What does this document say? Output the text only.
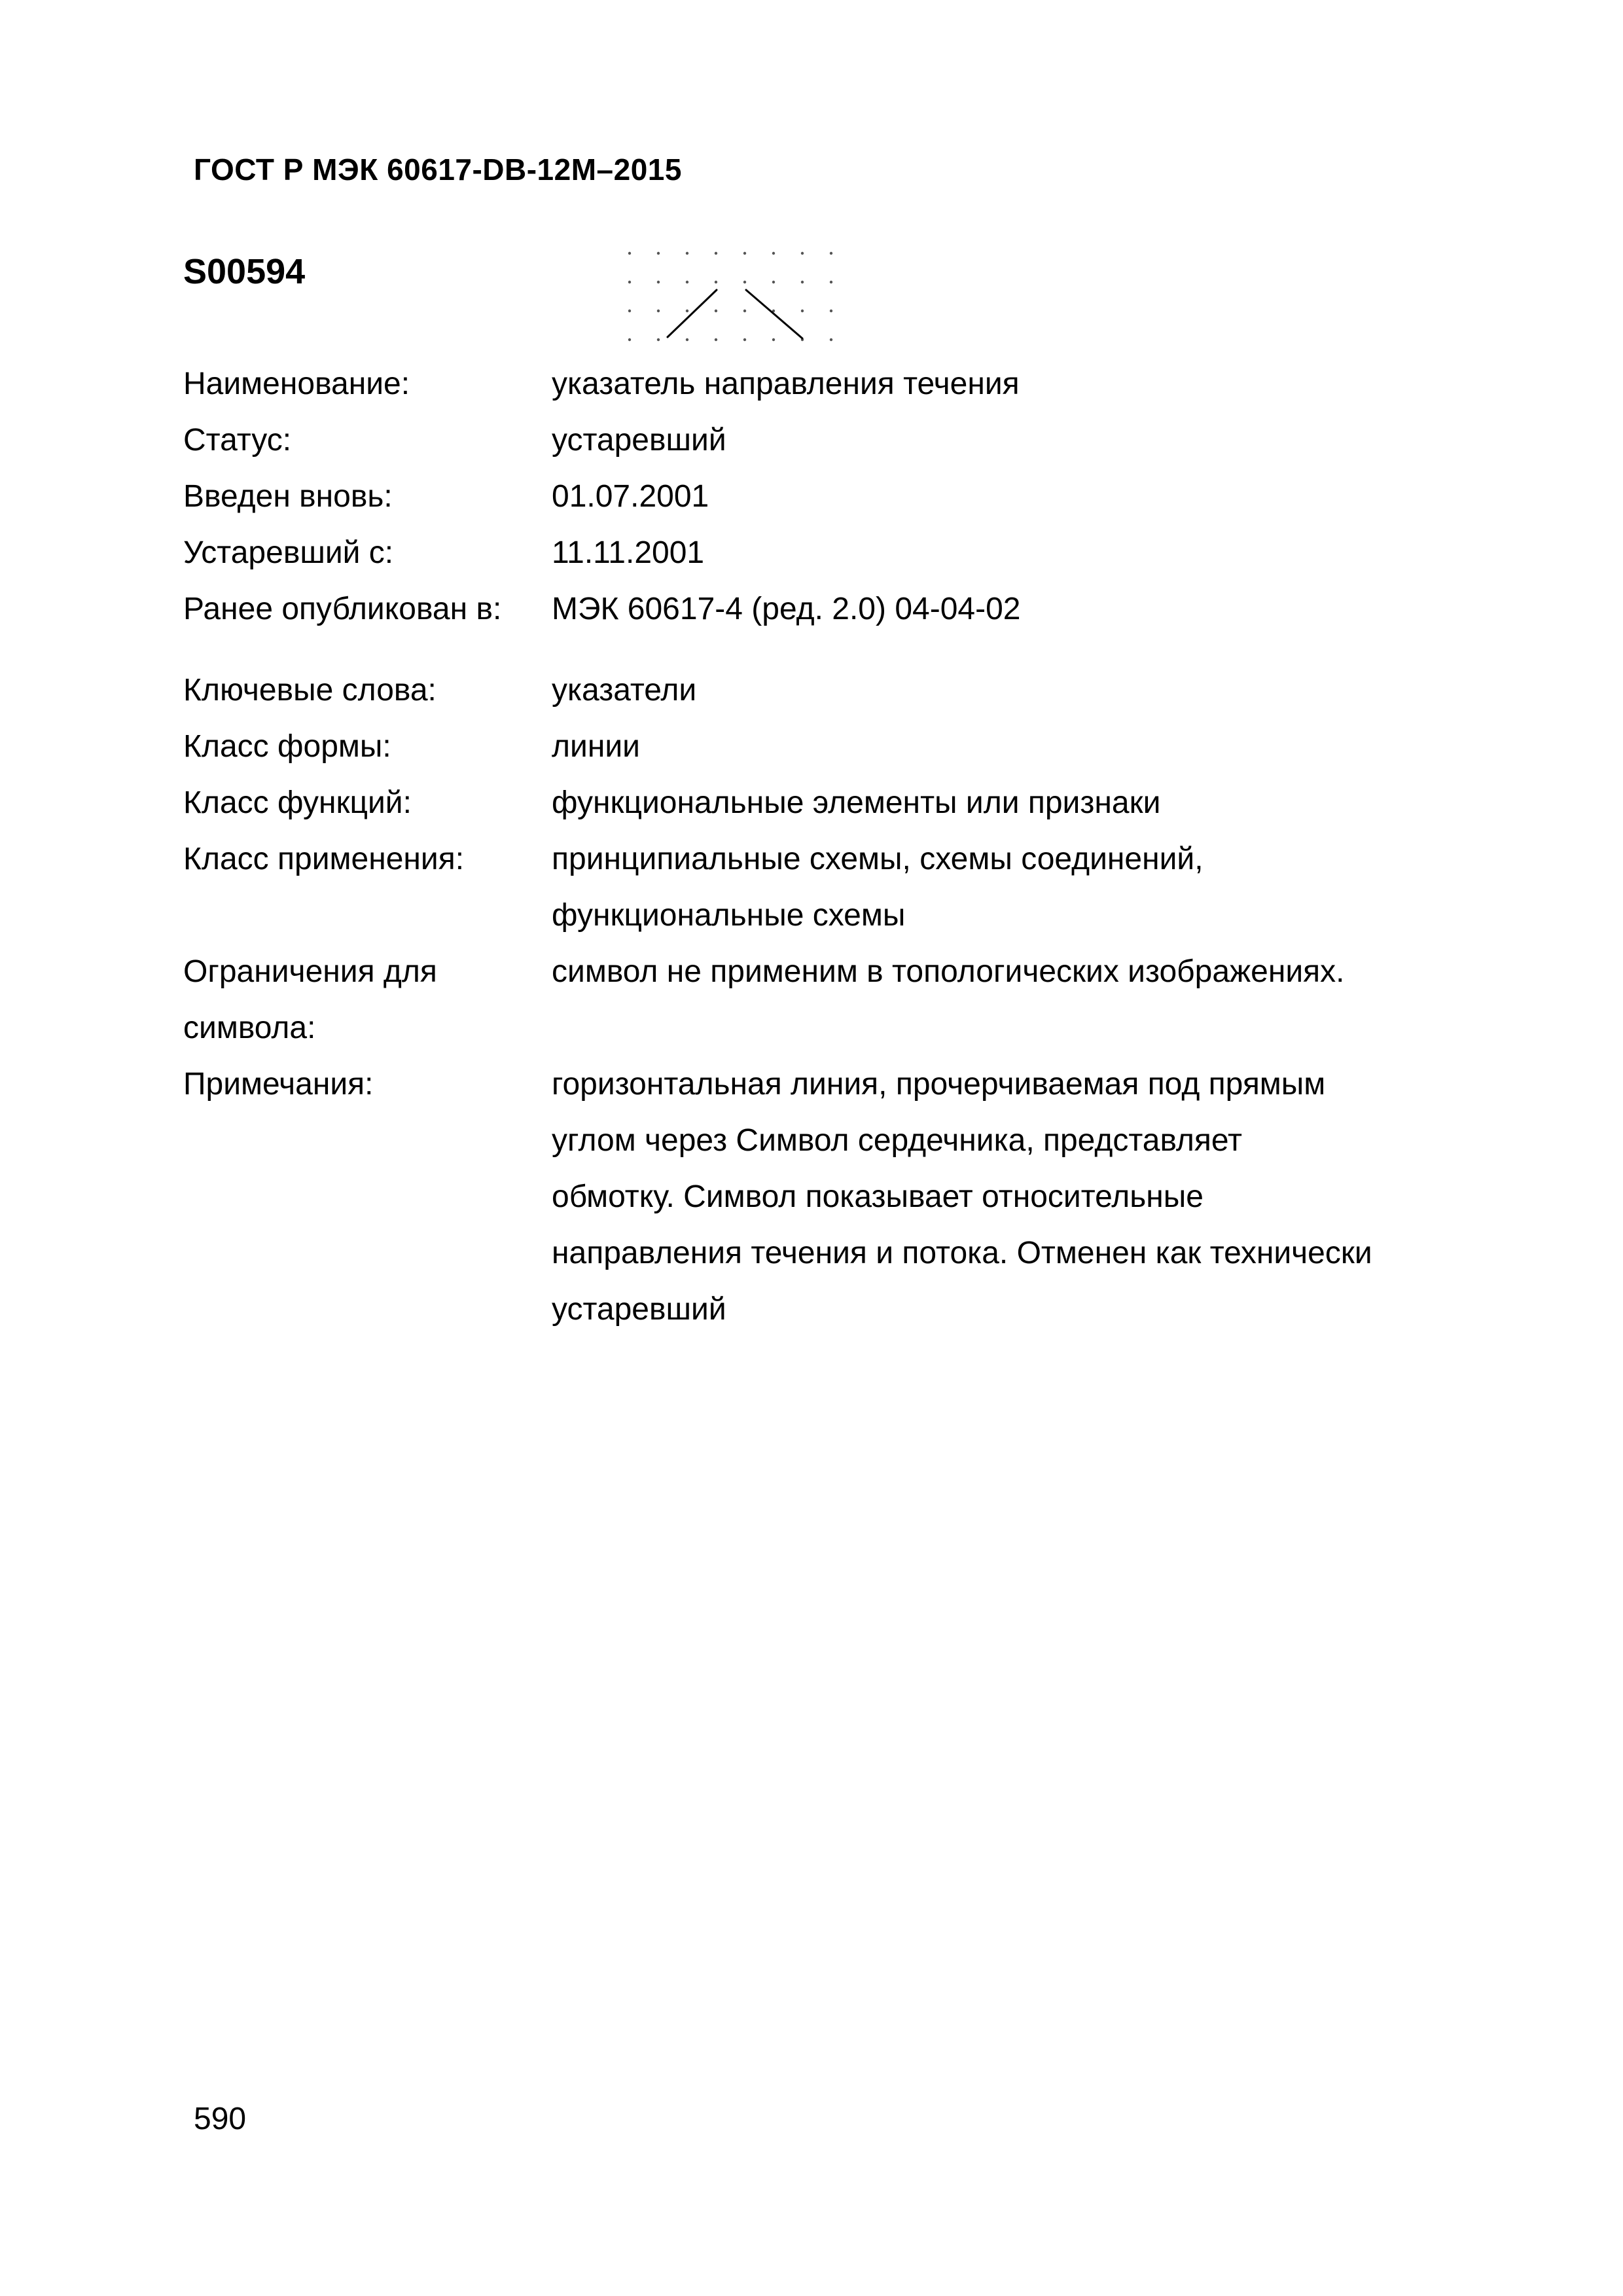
ГОСТ Р МЭК 60617-DB-12M–2015
S00594
Наименование:	указатель направления течения
Статус:	устаревший
Введен вновь:	01.07.2001
Устаревший с:	11.11.2001
Ранее опубликован в:	МЭК 60617-4 (ред. 2.0) 04-04-02
Ключевые слова:	указатели
Класс формы:	линии
Класс функций:	функциональные элементы или признаки
Класс применения:	принципиальные схемы, схемы соединений,
функциональные схемы
Ограничения для символа:
символ не применим в топологических изображениях.
Примечания:	горизонтальная линия, прочерчиваемая под прямым
углом через Символ сердечника, представляет
обмотку. Символ показывает относительные
направления течения и потока. Отменен как технически
устаревший
590
